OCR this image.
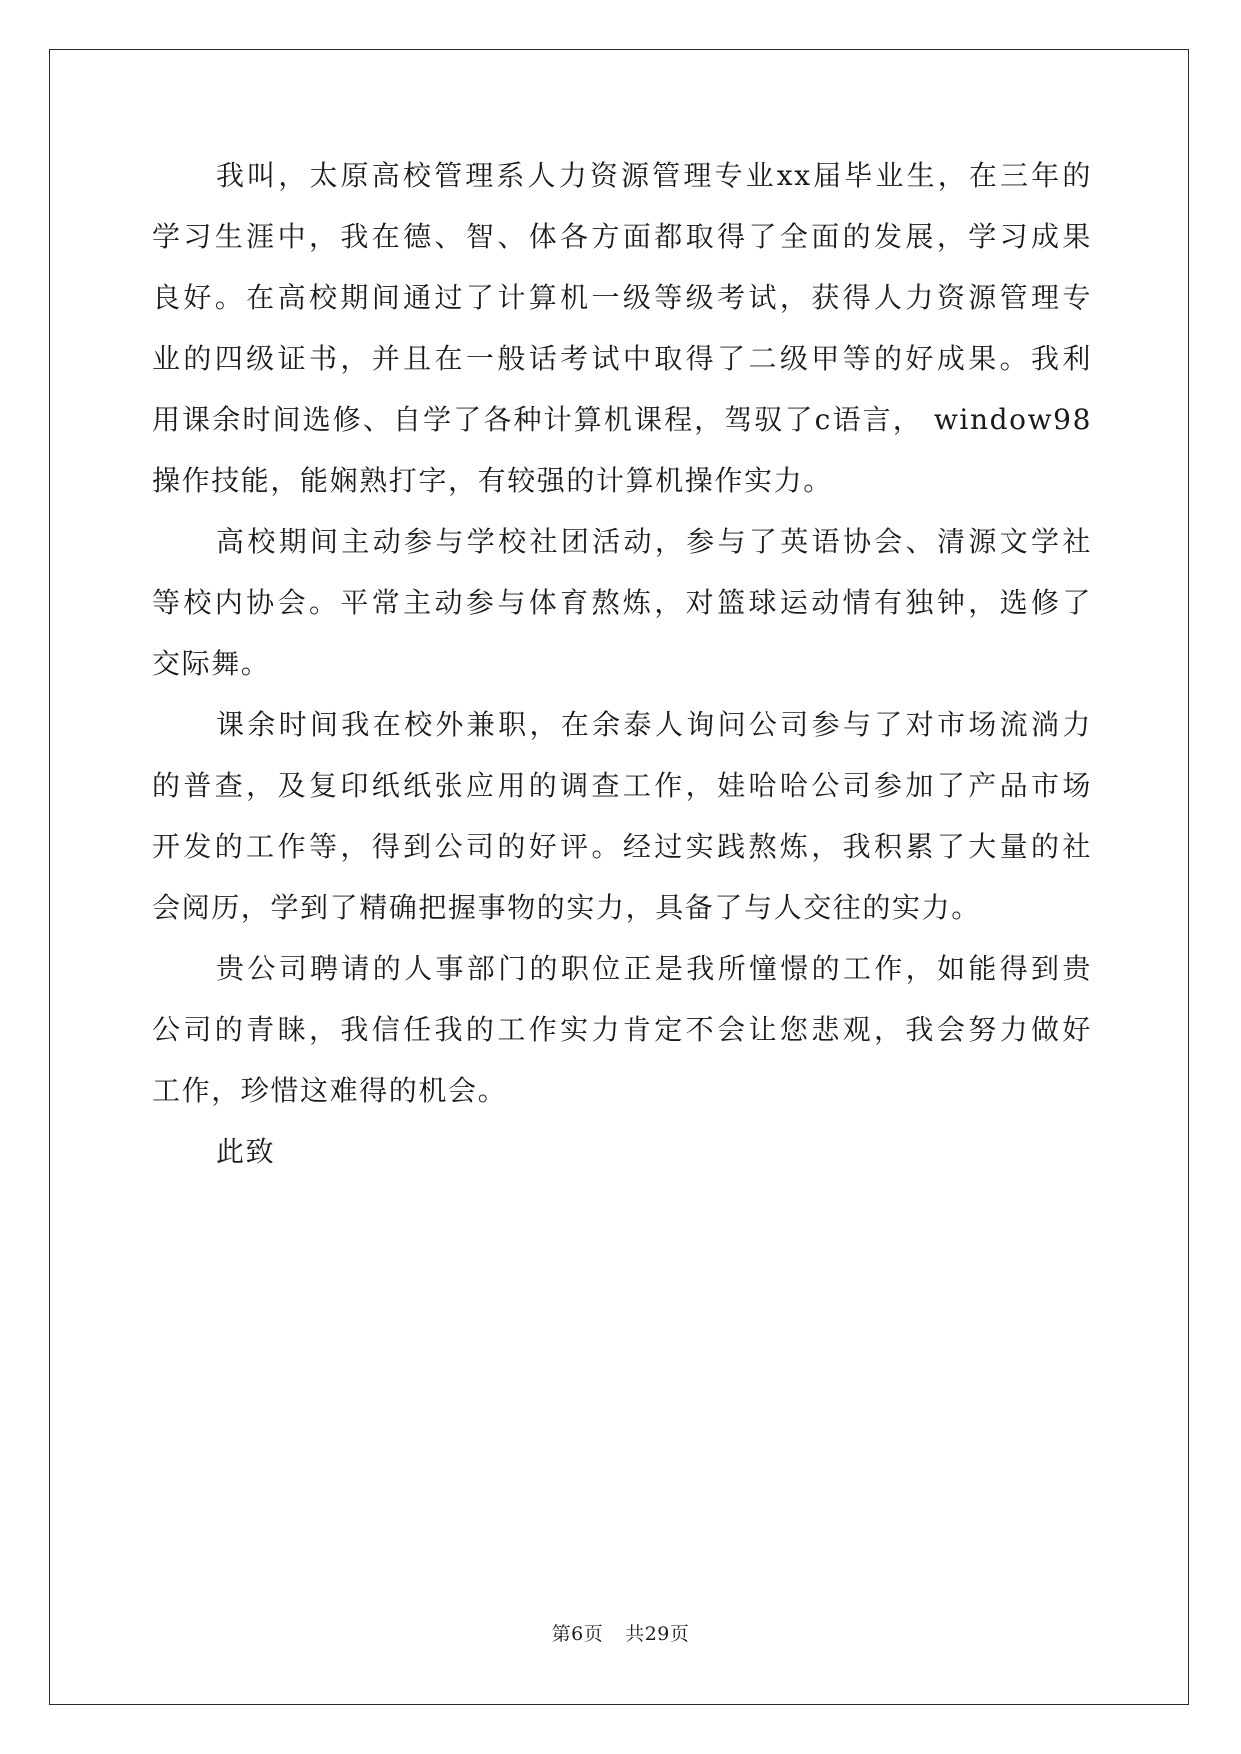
我叫，太原高校管理系人力资源管理专业xx届毕业生，在三年的
学习生涯中，我在德、智、体各方面都取得了全面的发展，学习成果
良好。在高校期间通过了计算机一级等级考试，获得人力资源管理专
业的四级证书，并且在一般话考试中取得了二级甲等的好成果。我利
用课余时间选修、自学了各种计算机课程，驾驭了c语言， window98
操作技能，能娴熟打字，有较强的计算机操作实力。
高校期间主动参与学校社团活动，参与了英语协会、清源文学社
等校内协会。平常主动参与体育熬炼，对篮球运动情有独钟，选修了
交际舞。
课余时间我在校外兼职，在余泰人询问公司参与了对市场流淌力
的普查，及复印纸纸张应用的调查工作，娃哈哈公司参加了产品市场
开发的工作等，得到公司的好评。经过实践熬炼，我积累了大量的社
会阅历，学到了精确把握事物的实力，具备了与人交往的实力。
贵公司聘请的人事部门的职位正是我所憧憬的工作，如能得到贵
公司的青睐，我信任我的工作实力肯定不会让您悲观，我会努力做好
工作，珍惜这难得的机会。
此致
第6页 共29页
